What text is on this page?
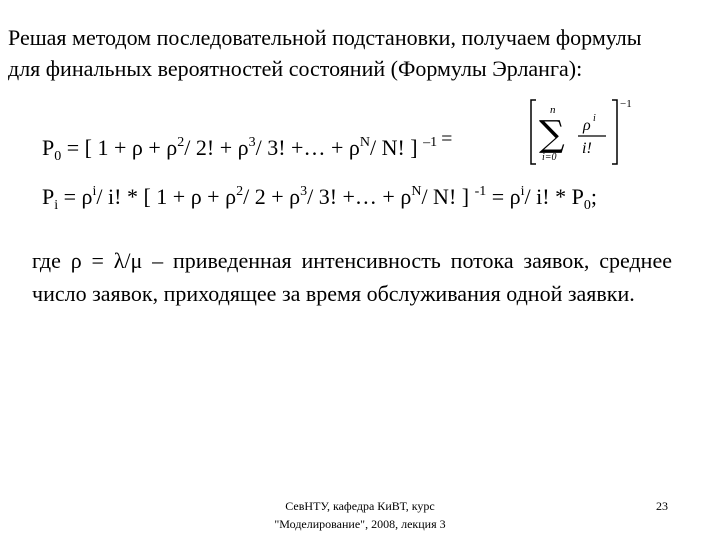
Решая методом последовательной подстановки, получаем формулы
для финальных вероятностей состояний (Формулы Эрланга):

$P_0$ = [ $1 + \rho + \rho^2/$ 2! + $\rho^3/$ 3! +… + $\rho^N/$ N! ] $^{-1}$ =
n
∑
i=0
ρ i
i!
−1
$P_i = \rho^i/$ i! * [ $1 + \rho + \rho^2/$ $2 + \rho^3/$ 3! +… + $\rho^N/$ N! ] $^{-1} = \rho^i/$ i! * $P_0$;

где ρ = λ/μ – приведенная интенсивность потока заявок, среднее число заявок, приходящее за время обслуживания одной заявки.

СевНТУ, кафедра КиВТ, курс
"Моделирование", 2008, лекция 3
23
